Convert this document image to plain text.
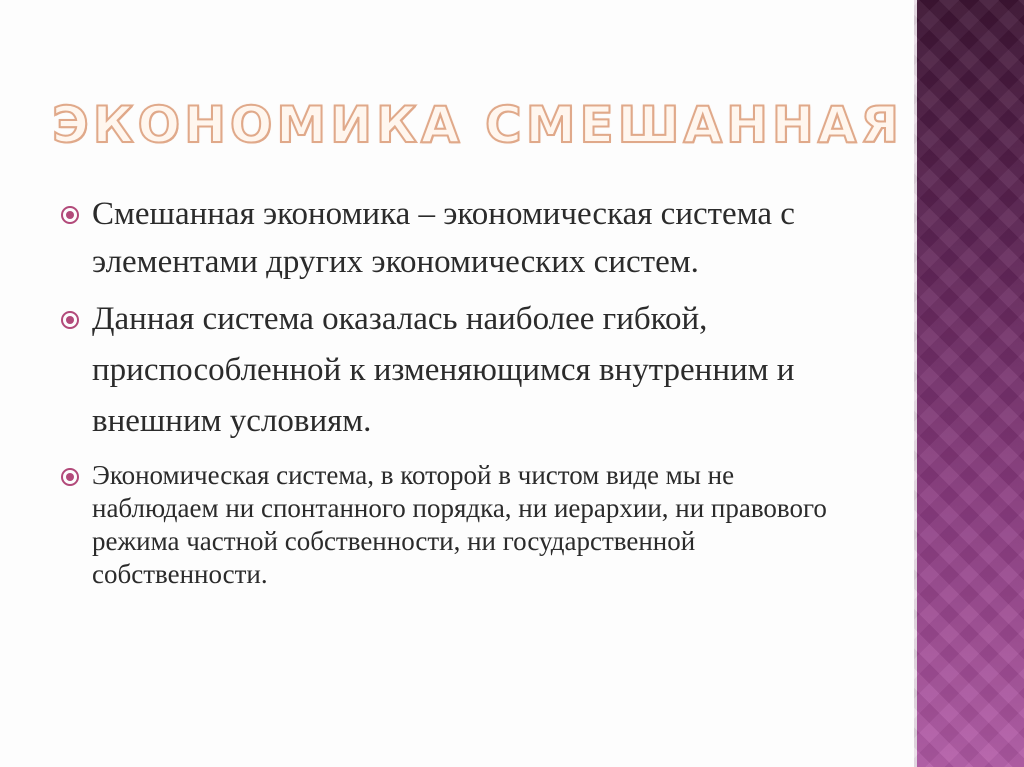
ЭКОНОМИКА СМЕШАННАЯ
Смешанная экономика – экономическая система с элементами других экономических систем.
Данная система оказалась наиболее гибкой, приспособленной к изменяющимся внутренним и внешним условиям.
Экономическая система, в которой в чистом виде мы не наблюдаем ни спонтанного порядка, ни иерархии, ни правового режима частной собственности, ни государственной собственности.
